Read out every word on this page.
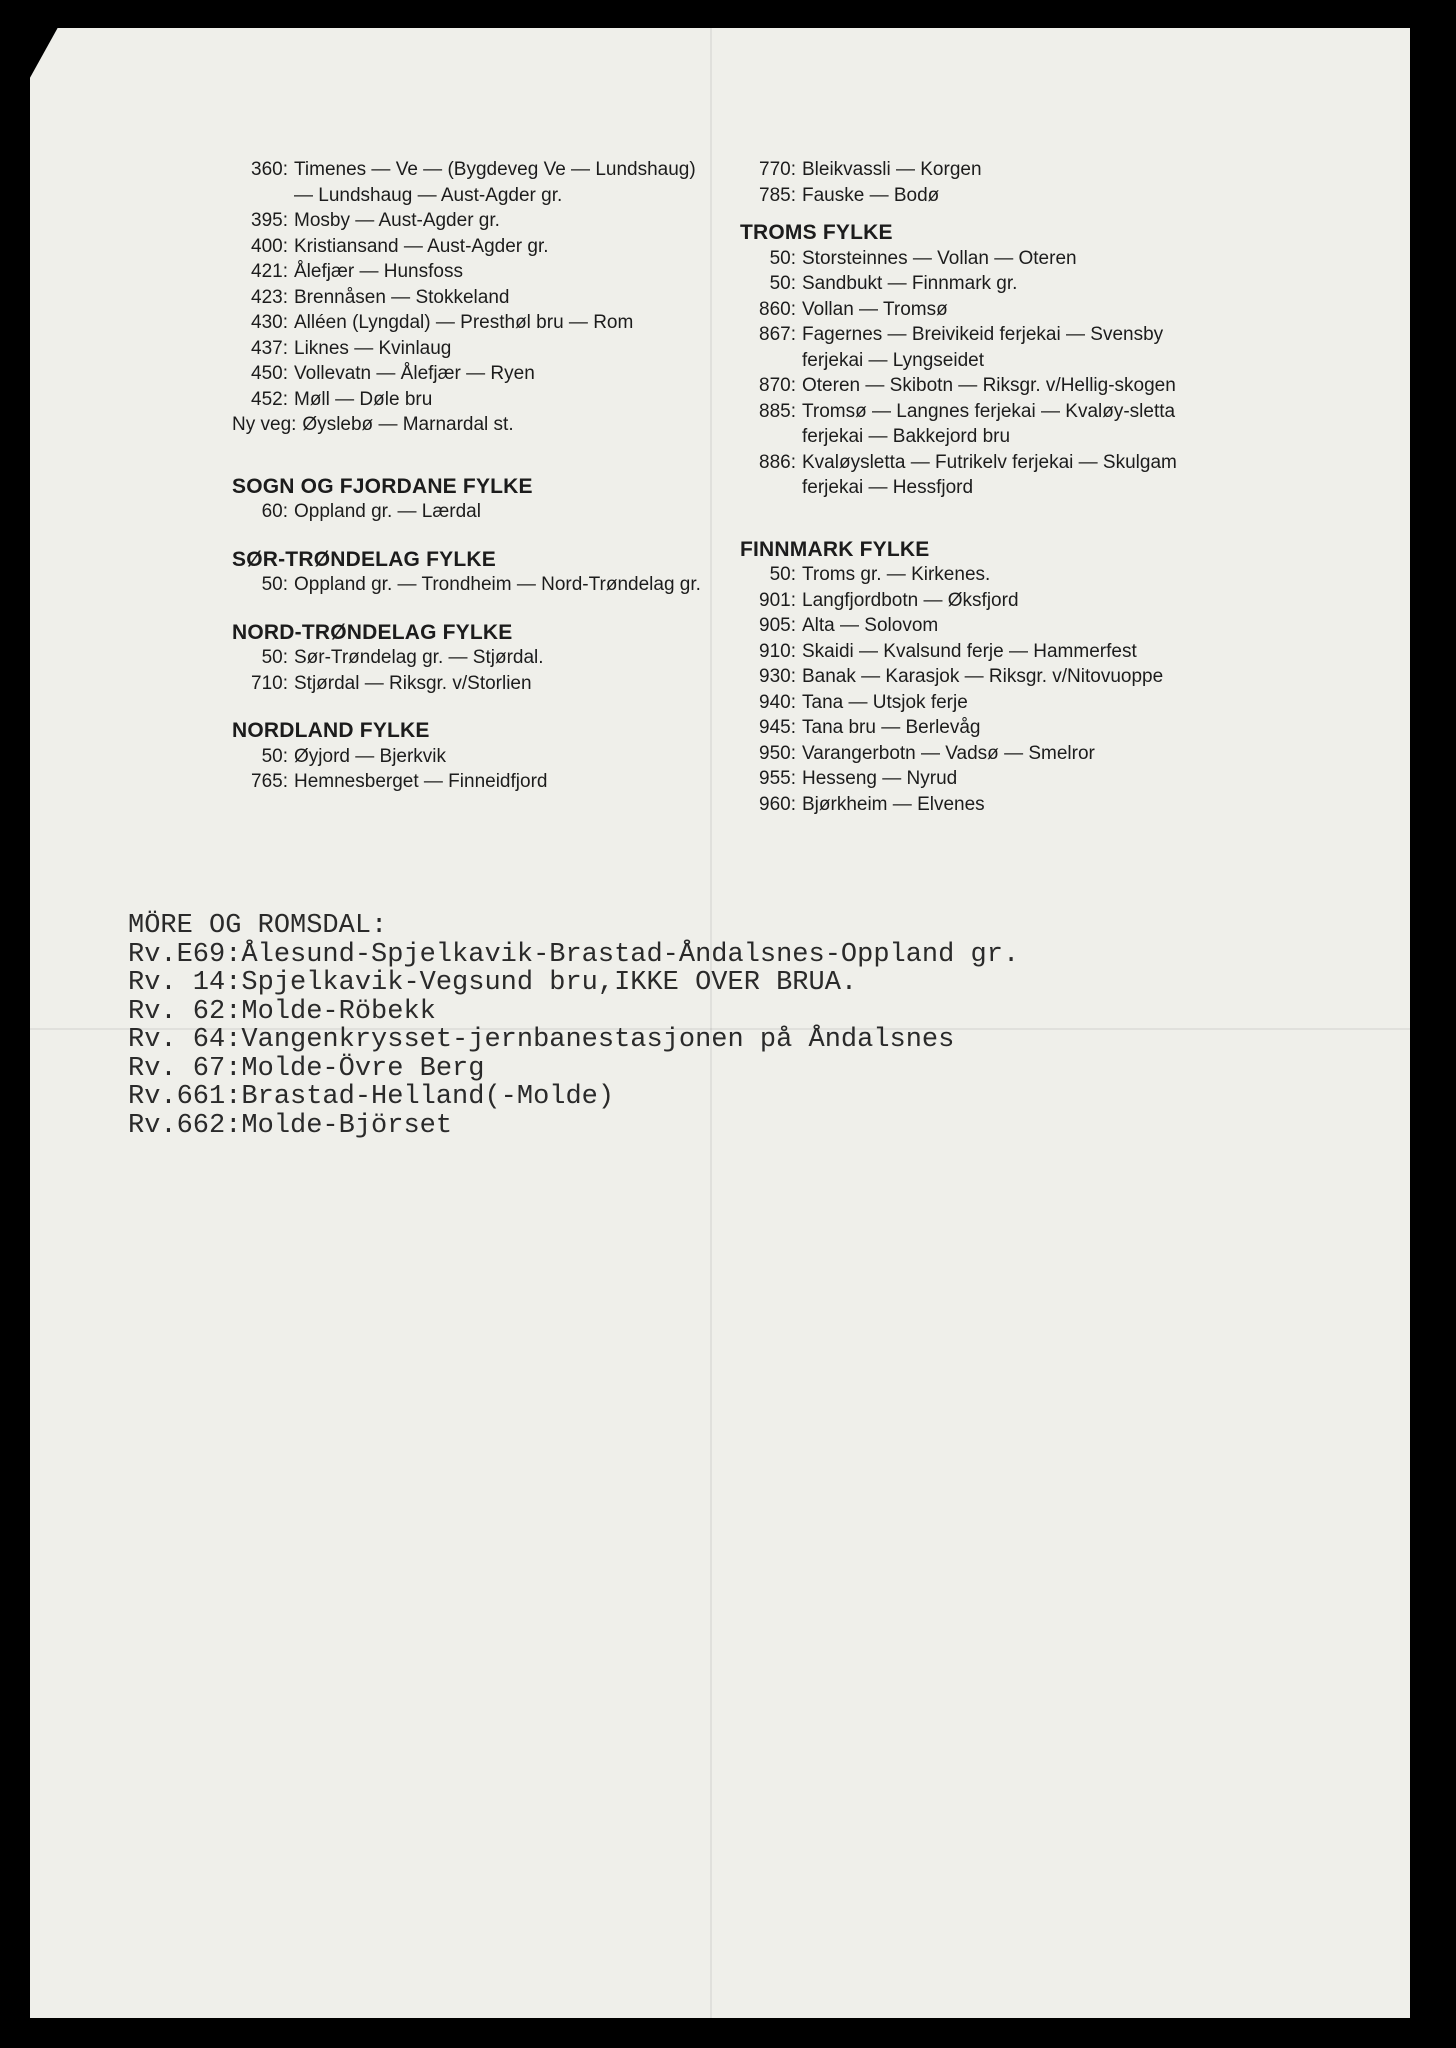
360: Timenes — Ve — (Bygdeveg Ve — Lundshaug) — Lundshaug — Aust-Agder gr.
395: Mosby — Aust-Agder gr.
400: Kristiansand — Aust-Agder gr.
421: Ålefjær — Hunsfoss
423: Brennåsen — Stokkeland
430: Alléen (Lyngdal) — Presthøl bru — Rom
437: Liknes — Kvinlaug
450: Vollevatn — Ålefjær — Ryen
452: Møll — Døle bru
Ny veg: Øyslebø — Marnardal st.
SOGN OG FJORDANE FYLKE
60: Oppland gr. — Lærdal
SØR-TRØNDELAG FYLKE
50: Oppland gr. — Trondheim — Nord-Trøndelag gr.
NORD-TRØNDELAG FYLKE
50: Sør-Trøndelag gr. — Stjørdal.
710: Stjørdal — Riksgr. v/Storlien
NORDLAND FYLKE
50: Øyjord — Bjerkvik
765: Hemnesberget — Finneidfjord
770: Bleikvassli — Korgen
785: Fauske — Bodø
TROMS FYLKE
50: Storsteinnes — Vollan — Oteren
50: Sandbukt — Finnmark gr.
860: Vollan — Tromsø
867: Fagernes — Breivikeid ferjekai — Svensby ferjekai — Lyngseidet
870: Oteren — Skibotn — Riksgr. v/Hellig-skogen
885: Tromsø — Langnes ferjekai — Kvaløy-sletta ferjekai — Bakkejord bru
886: Kvaløysletta — Futrikelv ferjekai — Skulgam ferjekai — Hessfjord
FINNMARK FYLKE
50: Troms gr. — Kirkenes.
901: Langfjordbotn — Øksfjord
905: Alta — Solovom
910: Skaidi — Kvalsund ferje — Hammerfest
930: Banak — Karasjok — Riksgr. v/Nitovuoppe
940: Tana — Utsjok ferje
945: Tana bru — Berlevåg
950: Varangerbotn — Vadsø — Smelror
955: Hesseng — Nyrud
960: Bjørkheim — Elvenes
MÖRE OG ROMSDAL:
Rv.E69:Ålesund-Spjelkavik-Brastad-Åndalsnes-Oppland gr.
Rv. 14:Spjelkavik-Vegsund bru,IKKE OVER BRUA.
Rv. 62:Molde-Röbekk
Rv. 64:Vangenkrysset-jernbanestasjonen på Åndalsnes
Rv. 67:Molde-Övre Berg
Rv.661:Brastad-Helland(-Molde)
Rv.662:Molde-Björset
